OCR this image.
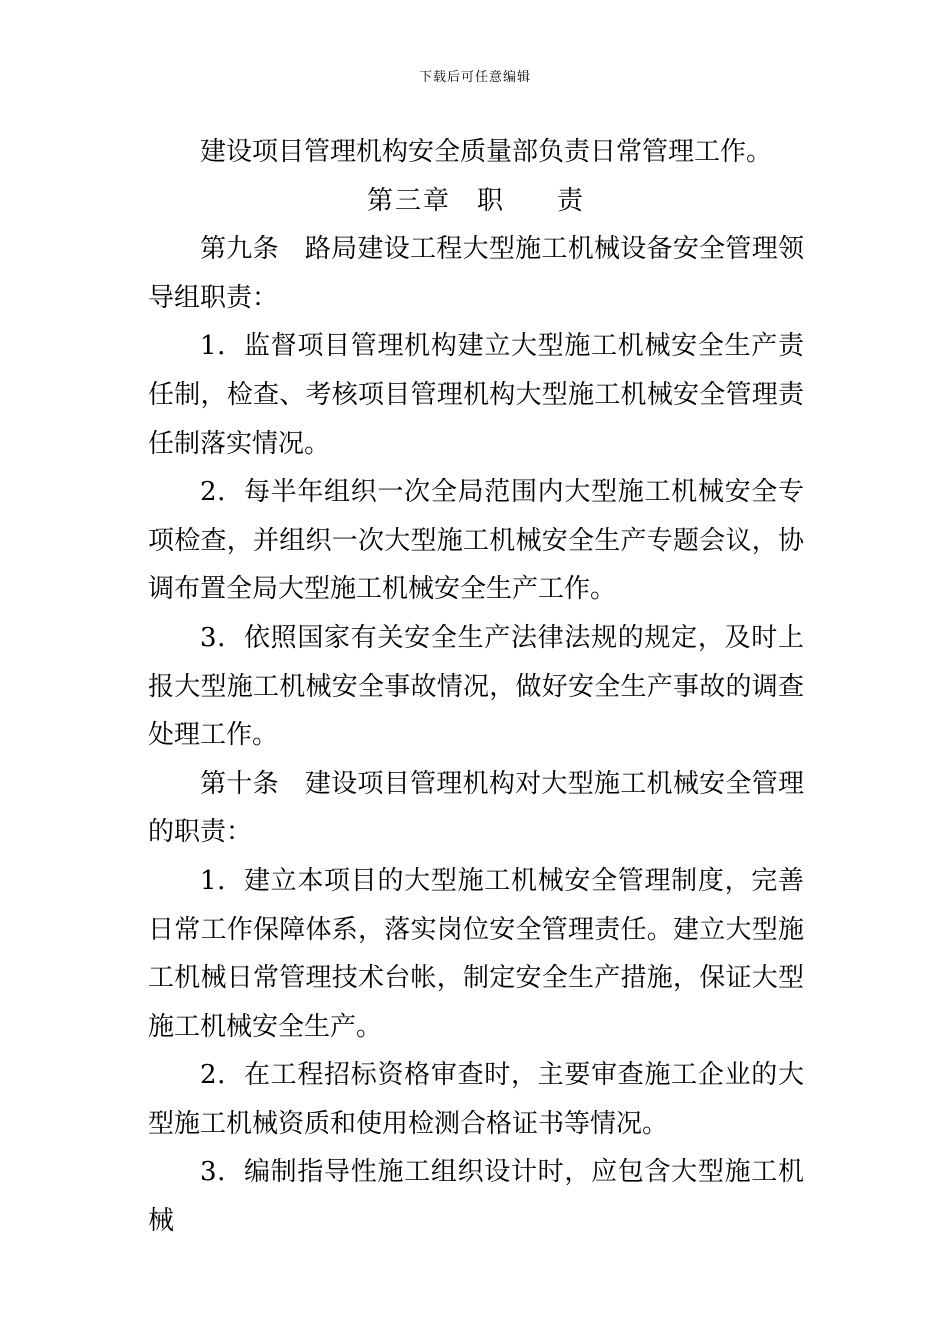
下载后可任意编辑

建设项目管理机构安全质量部负责日常管理工作。

第三章 职 责

第九条 路局建设工程大型施工机械设备安全管理领导组职责：

1．监督项目管理机构建立大型施工机械安全生产责任制，检查、考核项目管理机构大型施工机械安全管理责任制落实情况。

2．每半年组织一次全局范围内大型施工机械安全专项检查，并组织一次大型施工机械安全生产专题会议，协调布置全局大型施工机械安全生产工作。

3．依照国家有关安全生产法律法规的规定，及时上报大型施工机械安全事故情况，做好安全生产事故的调查处理工作。

第十条 建设项目管理机构对大型施工机械安全管理的职责：

1．建立本项目的大型施工机械安全管理制度，完善日常工作保障体系，落实岗位安全管理责任。建立大型施工机械日常管理技术台帐，制定安全生产措施，保证大型施工机械安全生产。

2．在工程招标资格审查时，主要审查施工企业的大型施工机械资质和使用检测合格证书等情况。

3．编制指导性施工组织设计时，应包含大型施工机械
